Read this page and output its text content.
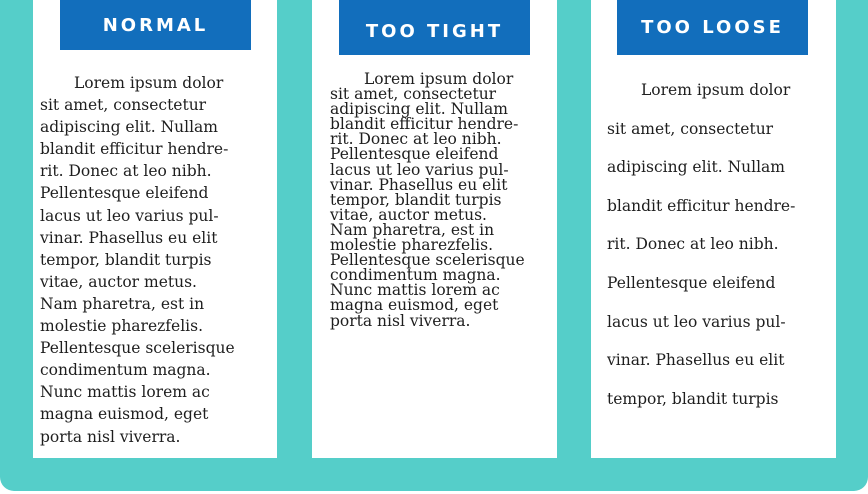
NORMAL	TOO TIGHT	TOO LOOSE
Lorem ipsum dolor
sit amet, consectetur
adipiscing elit. Nullam
blandit efficitur hendre-
rit. Donec at leo nibh.
Pellentesque eleifend
lacus ut leo varius pul-
vinar. Phasellus eu elit
tempor, blandit turpis
vitae, auctor metus.
Nam pharetra, est in
molestie pharezfelis.
Pellentesque scelerisque
condimentum magna.
Nunc mattis lorem ac
magna euismod, eget
porta nisl viverra.
Lorem ipsum dolor
sit amet, consectetur
adipiscing elit. Nullam
blandit efficitur hendre-
rit. Donec at leo nibh.
Pellentesque eleifend
lacus ut leo varius pul-
vinar. Phasellus eu elit
tempor, blandit turpis
vitae, auctor metus.
Nam pharetra, est in
molestie pharezfelis.
Pellentesque scelerisque
condimentum magna.
Nunc mattis lorem ac
magna euismod, eget
porta nisl viverra.
Lorem ipsum dolor
sit amet, consectetur
adipiscing elit. Nullam
blandit efficitur hendre-
rit. Donec at leo nibh.
Pellentesque eleifend
lacus ut leo varius pul-
vinar. Phasellus eu elit
tempor, blandit turpis
